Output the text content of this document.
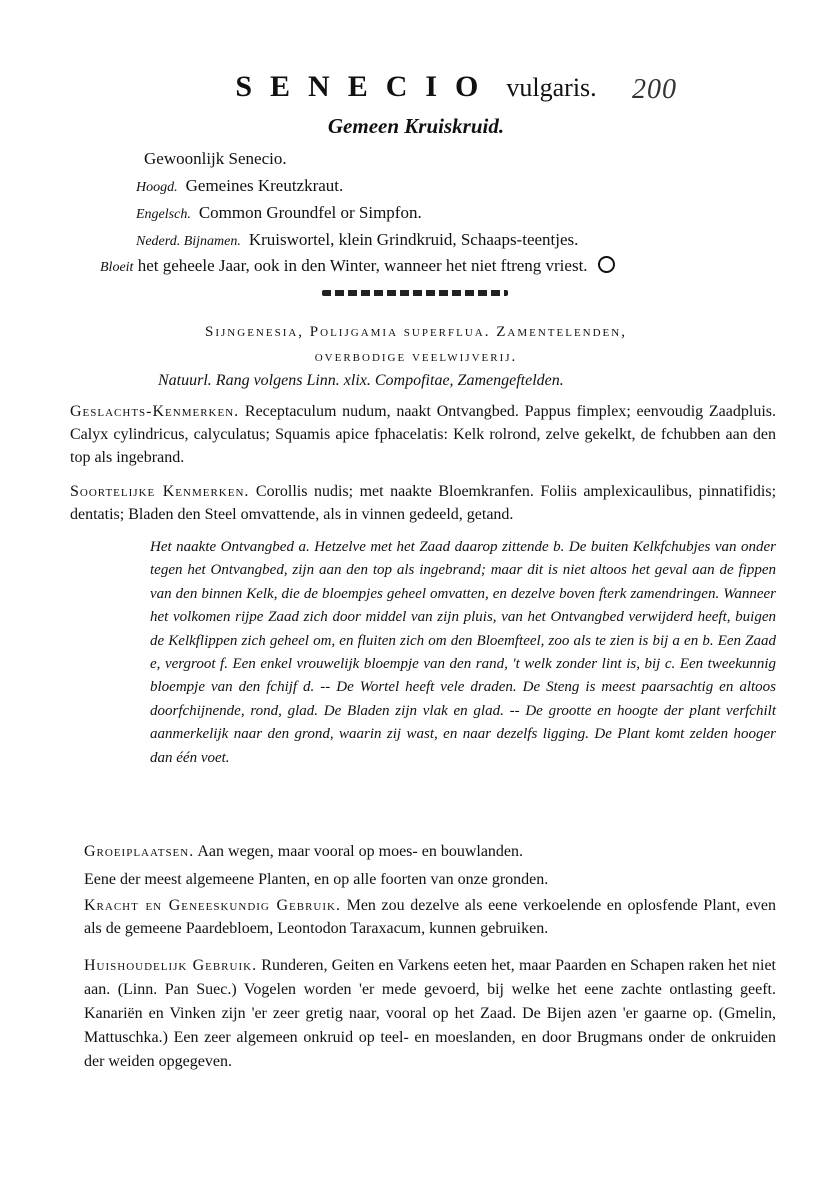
SENECIO vulgaris.	200
Gemeen Kruiskruid.
Gewoonlijk Senecio.
Hoogd. Gemeines Kreutzkraut.
Engelsch. Common Groundfel or Simpfon.
Nederd. Bijnamen. Kruiswortel, klein Grindkruid, Schaaps-teentjes.
Bloeit het geheele Jaar, ook in den Winter, wanneer het niet ftreng vriest.
Sijngenesia, Polijgamia superflua. Zamentelenden,
overbodige veelwijverij.
Natuurl. Rang volgens Linn. xlix. Compofitae, Zamengeftelden.
Geslachts-Kenmerken. Receptaculum nudum, naakt Ontvangbed. Pappus fimplex; eenvoudig Zaadpluis. Calyx cylindricus, calyculatus; Squamis apice fphacelatis: Kelk rolrond, zelve gekelkt, de fchubben aan den top als ingebrand.
Soortelijke Kenmerken. Corollis nudis; met naakte Bloemkranfen. Foliis amplexicaulibus, pinnatifidis; dentatis; Bladen den Steel omvattende, als in vinnen gedeeld, getand.
Het naakte Ontvangbed a. Hetzelve met het Zaad daarop zittende b. De buiten Kelkfchubjes van onder tegen het Ontvangbed, zijn aan den top als ingebrand; maar dit is niet altoos het geval aan de fippen van den binnen Kelk, die de bloempjes geheel omvatten, en dezelve boven fterk zamendringen. Wanneer het volkomen rijpe Zaad zich door middel van zijn pluis, van het Ontvangbed verwijderd heeft, buigen de Kelkflippen zich geheel om, en fluiten zich om den Bloemfteel, zoo als te zien is bij a en b. Een Zaad e, vergroot f. Een enkel vrouwelijk bloempje van den rand, 't welk zonder lint is, bij c. Een tweekunnig bloempje van den fchijf d. -- De Wortel heeft vele draden. De Steng is meest paarsachtig en altoos doorfchijnende, rond, glad. De Bladen zijn vlak en glad. -- De grootte en hoogte der plant verfchilt aanmerkelijk naar den grond, waarin zij wast, en naar dezelfs ligging. De Plant komt zelden hooger dan één voet.
Groeiplaatsen. Aan wegen, maar vooral op moes- en bouwlanden.
Eene der meest algemeene Planten, en op alle foorten van onze gronden.
Kracht en Geneeskundig Gebruik. Men zou dezelve als eene verkoelende en oplosfende Plant, even als de gemeene Paardebloem, Leontodon Taraxacum, kunnen gebruiken.
Huishoudelijk Gebruik. Runderen, Geiten en Varkens eeten het, maar Paarden en Schapen raken het niet aan. (Linn. Pan Suec.) Vogelen worden 'er mede gevoerd, bij welke het eene zachte ontlasting geeft. Kanariën en Vinken zijn 'er zeer gretig naar, vooral op het Zaad. De Bijen azen 'er gaarne op. (Gmelin, Mattuschka.) Een zeer algemeen onkruid op teel- en moeslanden, en door Brugmans onder de onkruiden der weiden opgegeven.
